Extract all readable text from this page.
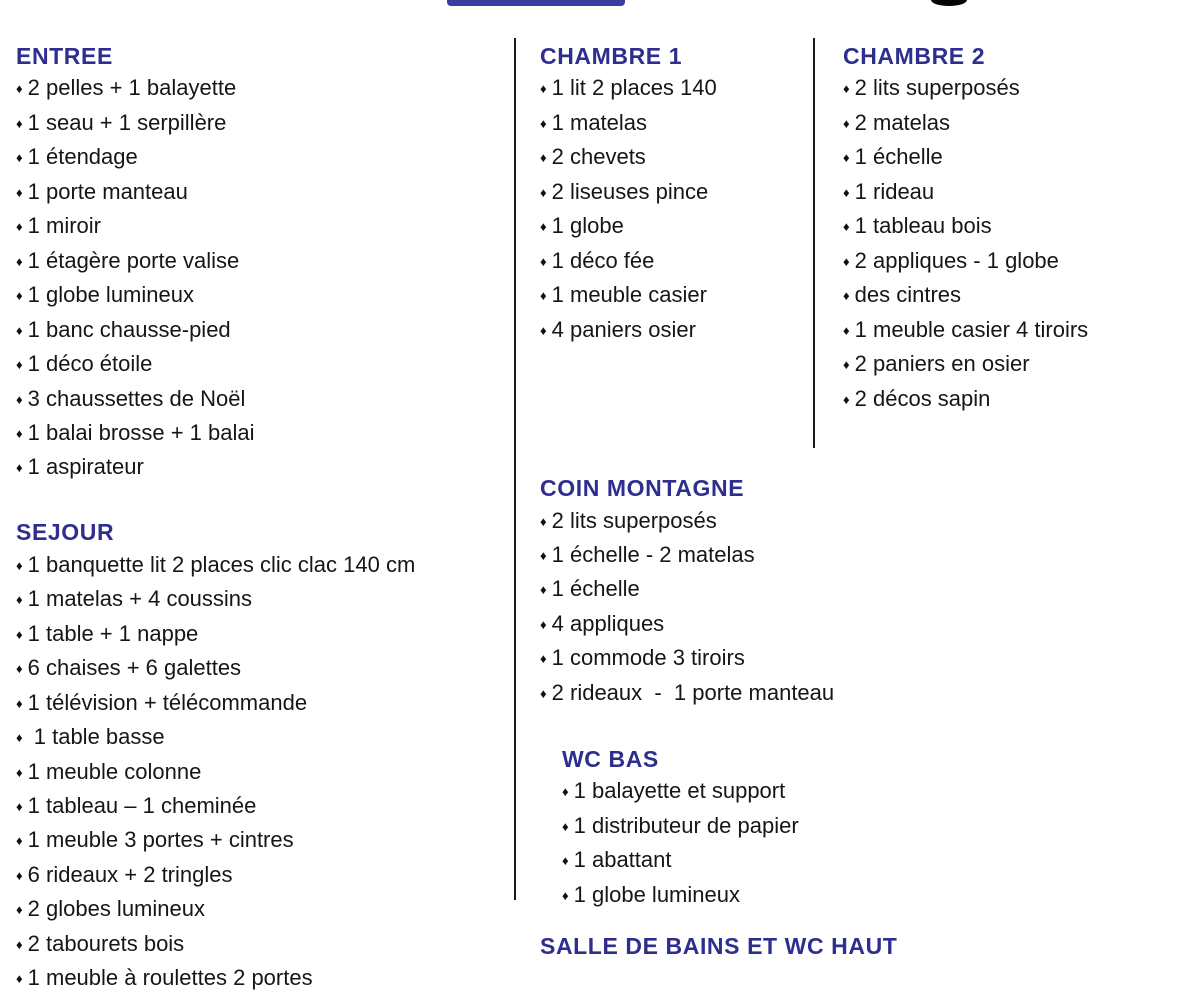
ENTREE
♦ 2 pelles + 1 balayette
♦ 1 seau + 1 serpillère
♦ 1 étendage
♦ 1 porte manteau
♦ 1 miroir
♦ 1 étagère porte valise
♦ 1 globe lumineux
♦ 1 banc chausse-pied
♦ 1 déco étoile
♦ 3 chaussettes de Noël
♦ 1 balai brosse + 1 balai
♦ 1 aspirateur
SEJOUR
♦ 1 banquette lit 2 places clic clac 140 cm
♦ 1 matelas + 4 coussins
♦ 1 table + 1 nappe
♦ 6 chaises + 6 galettes
♦ 1 télévision + télécommande
♦ 1 table basse
♦ 1 meuble colonne
♦ 1 tableau – 1 cheminée
♦ 1 meuble 3 portes + cintres
♦ 6 rideaux + 2 tringles
♦ 2 globes lumineux
♦ 2 tabourets bois
♦ 1 meuble à roulettes 2 portes
CHAMBRE 1
♦ 1 lit 2 places 140
♦ 1 matelas
♦ 2 chevets
♦ 2 liseuses pince
♦ 1 globe
♦ 1 déco fée
♦ 1 meuble casier
♦ 4 paniers osier
COIN MONTAGNE
♦ 2 lits superposés
♦ 1 échelle - 2 matelas
♦ 1 échelle
♦ 4 appliques
♦ 1 commode 3 tiroirs
♦ 2 rideaux  -  1 porte manteau
WC BAS
♦ 1 balayette et support
♦ 1 distributeur de papier
♦ 1 abattant
♦ 1 globe lumineux
SALLE DE BAINS ET WC HAUT
CHAMBRE 2
♦ 2 lits superposés
♦ 2 matelas
♦ 1 échelle
♦ 1 rideau
♦ 1 tableau bois
♦ 2 appliques - 1 globe
♦ des cintres
♦ 1 meuble casier 4 tiroirs
♦ 2 paniers en osier
♦ 2 décos sapin
